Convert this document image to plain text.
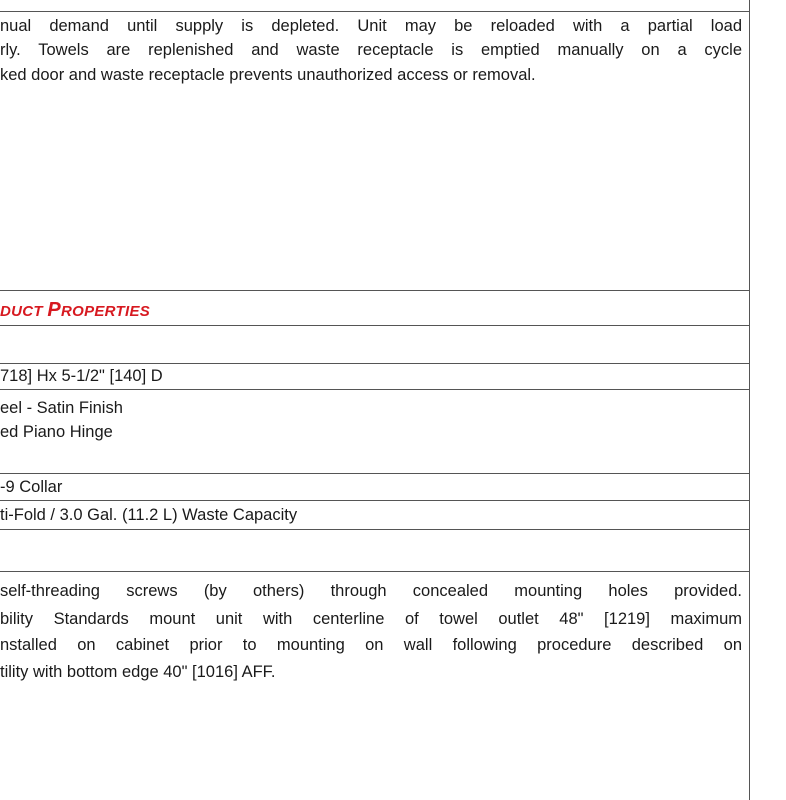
nual demand until supply is depleted. Unit may be reloaded with a partial load
rly. Towels are replenished and waste receptacle is emptied manually on a cycle
ked door and waste receptacle prevents unauthorized access or removal.
DUCT PROPERTIES
718] Hx 5-1/2" [140] D
eel - Satin Finish
ed Piano Hinge
-9 Collar
ti-Fold / 3.0 Gal. (11.2 L) Waste Capacity
self-threading screws (by others) through concealed mounting holes provided.
bility Standards mount unit with centerline of towel outlet 48" [1219] maximum
nstalled on cabinet prior to mounting on wall following procedure described on
tility with bottom edge 40" [1016] AFF.
